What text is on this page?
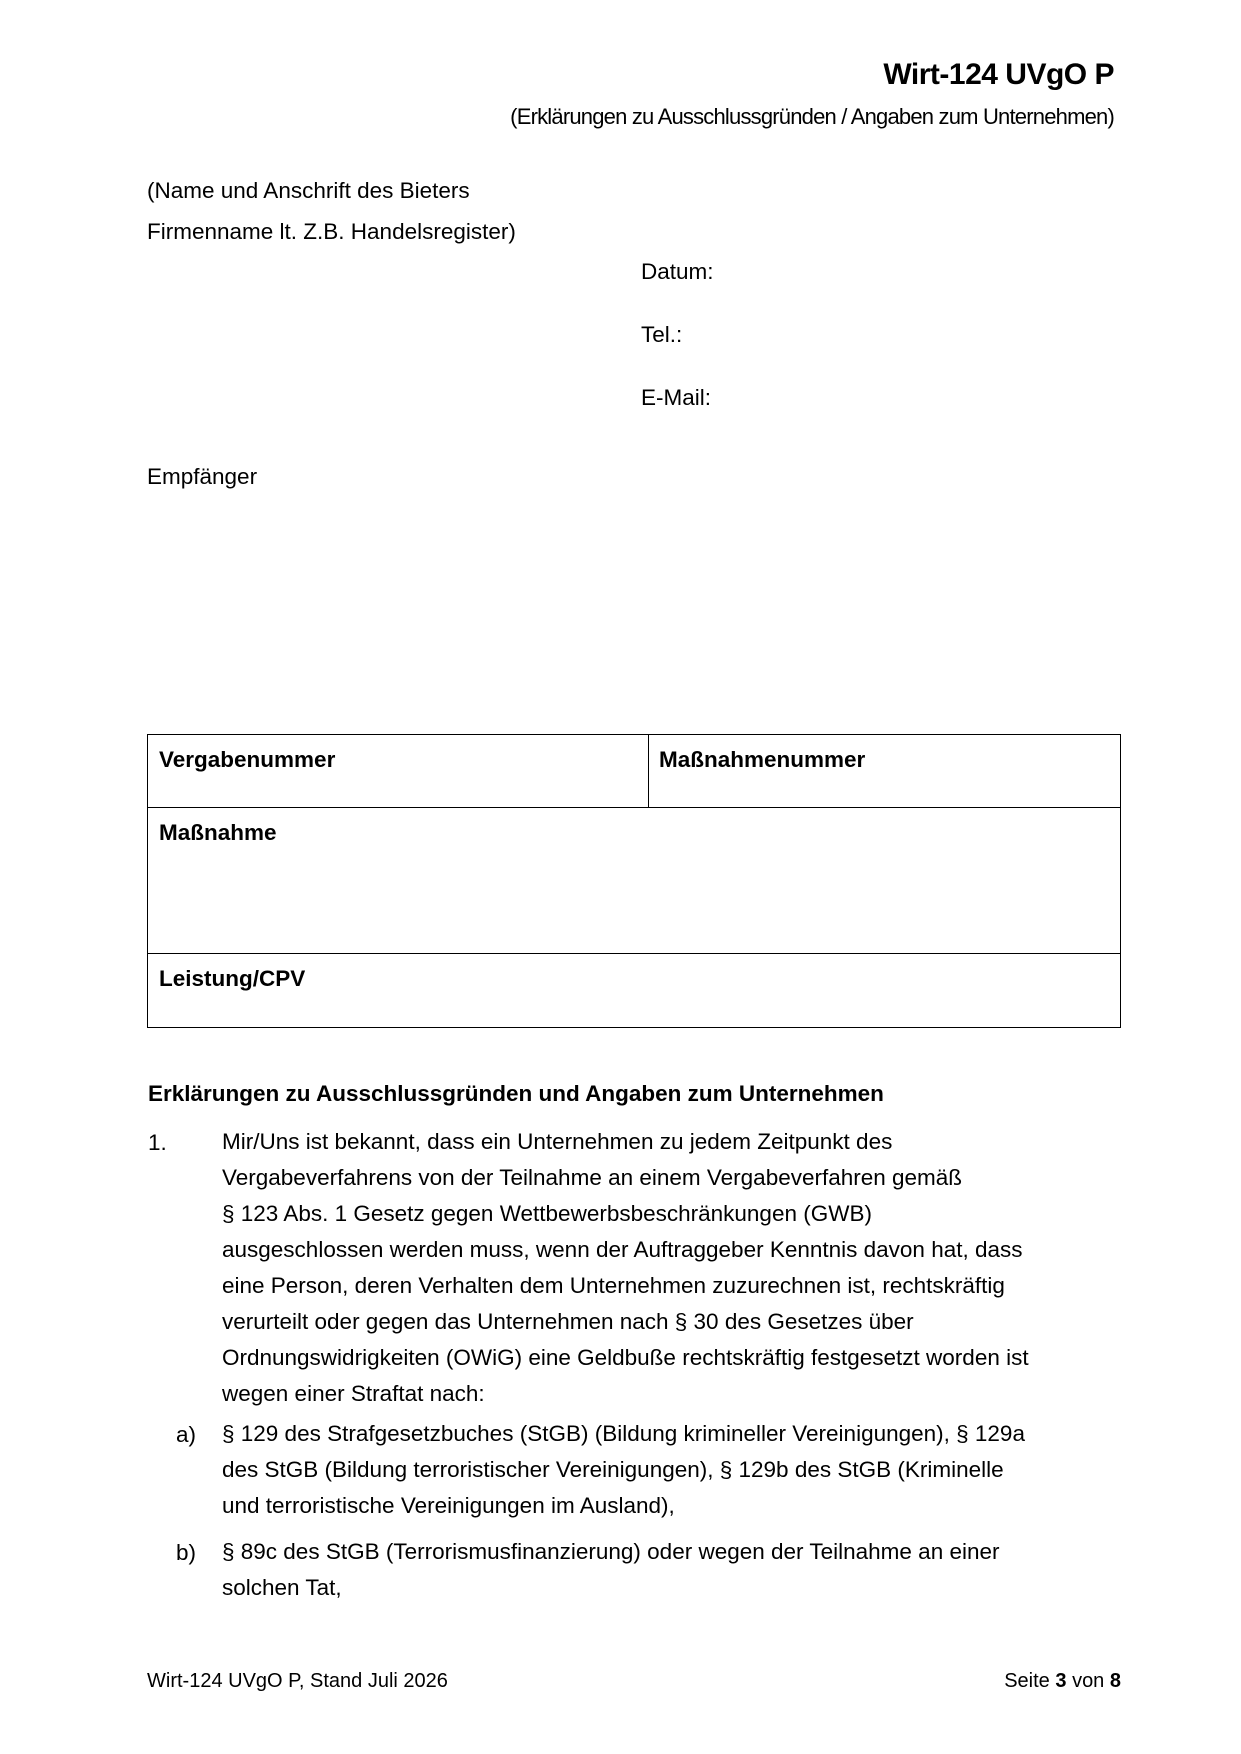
Wirt-124 UVgO P
(Erklärungen zu Ausschlussgründen / Angaben zum Unternehmen)
(Name und Anschrift des Bieters
Firmenname lt. Z.B. Handelsregister)
Datum:
Tel.:
E-Mail:
Empfänger
Vergabenummer	Maßnahmenummer
Maßnahme
Leistung/CPV
Erklärungen zu Ausschlussgründen und Angaben zum Unternehmen
1. Mir/Uns ist bekannt, dass ein Unternehmen zu jedem Zeitpunkt des
Vergabeverfahrens von der Teilnahme an einem Vergabeverfahren gemäß
§ 123 Abs. 1 Gesetz gegen Wettbewerbsbeschränkungen (GWB)
ausgeschlossen werden muss, wenn der Auftraggeber Kenntnis davon hat, dass
eine Person, deren Verhalten dem Unternehmen zuzurechnen ist, rechtskräftig
verurteilt oder gegen das Unternehmen nach § 30 des Gesetzes über
Ordnungswidrigkeiten (OWiG) eine Geldbuße rechtskräftig festgesetzt worden ist
wegen einer Straftat nach:
a) § 129 des Strafgesetzbuches (StGB) (Bildung krimineller Vereinigungen), § 129a
des StGB (Bildung terroristischer Vereinigungen), § 129b des StGB (Kriminelle
und terroristische Vereinigungen im Ausland),
b) § 89c des StGB (Terrorismusfinanzierung) oder wegen der Teilnahme an einer
solchen Tat,
Wirt-124 UVgO P, Stand Juli 2026	Seite 3 von 8
